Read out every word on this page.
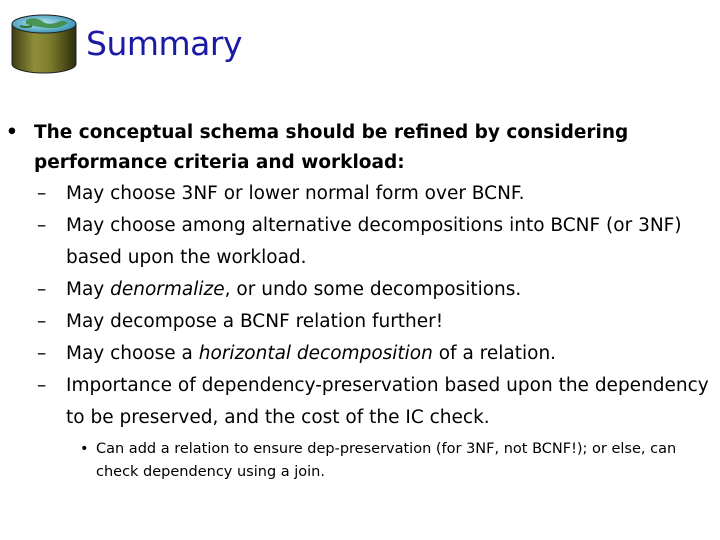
Summary
• The conceptual schema should be refined by considering performance criteria and workload:
– May choose 3NF or lower normal form over BCNF.
– May choose among alternative decompositions into BCNF (or 3NF) based upon the workload.
– May denormalize, or undo some decompositions.
– May decompose a BCNF relation further!
– May choose a horizontal decomposition of a relation.
– Importance of dependency-preservation based upon the dependency to be preserved, and the cost of the IC check.
• Can add a relation to ensure dep-preservation (for 3NF, not BCNF!); or else, can check dependency using a join.
